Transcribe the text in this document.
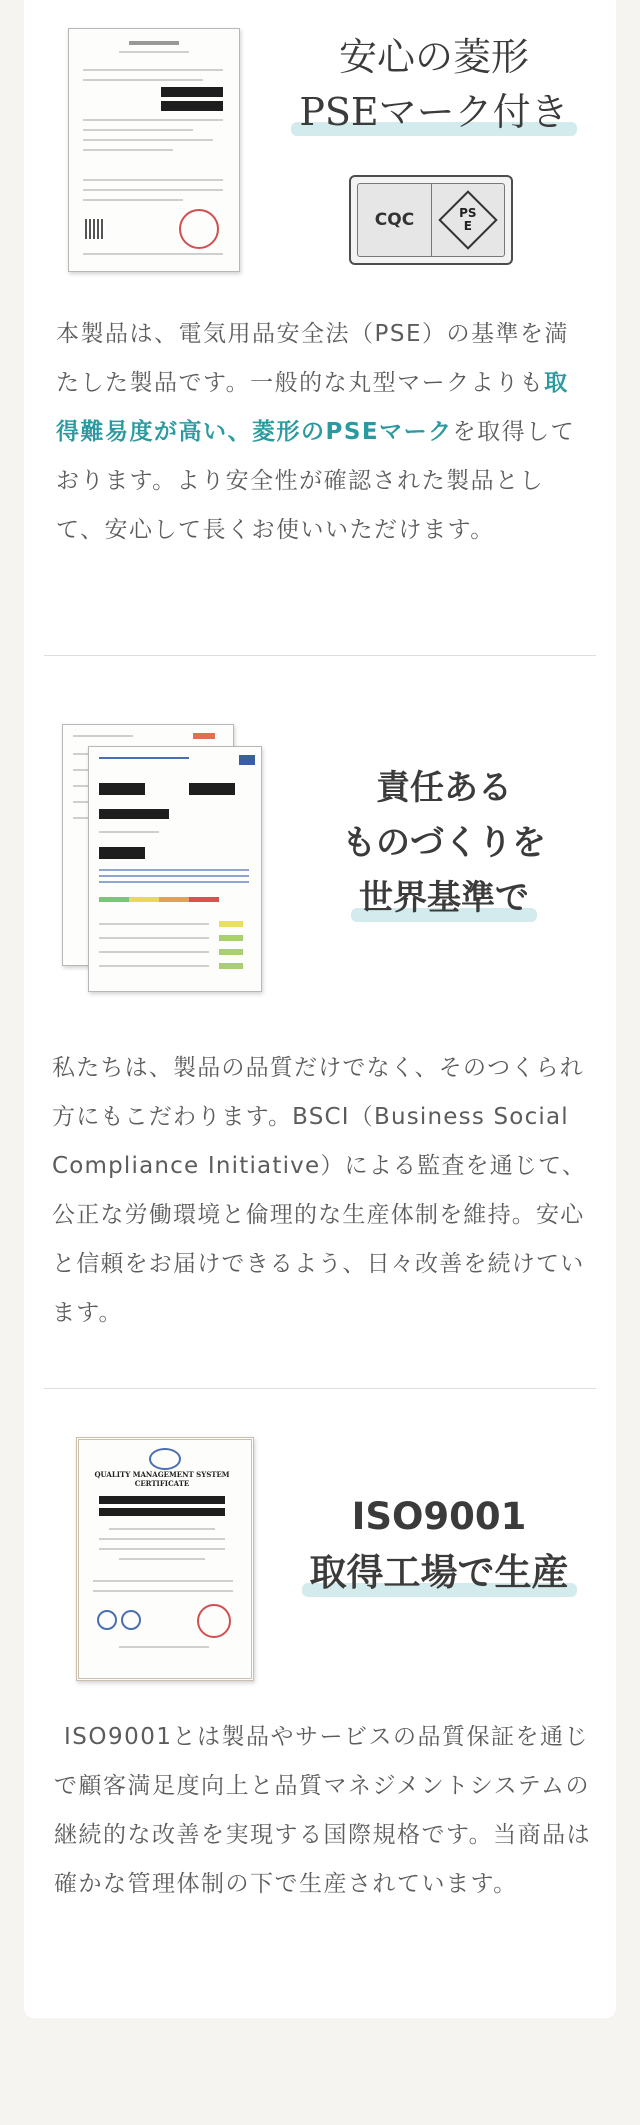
安心の菱形
PSEマーク付き
CQC	PS
E

本製品は、電気用品安全法（PSE）の基準を満たした製品です。一般的な丸型マークよりも取得難易度が高い、菱形のPSEマークを取得しております。より安全性が確認された製品として、安心して長くお使いいただけます。

責任ある
ものづくりを
世界基準で

私たちは、製品の品質だけでなく、そのつくられ方にもこだわります。BSCI（Business Social Compliance Initiative）による監査を通じて、公正な労働環境と倫理的な生産体制を維持。安心と信頼をお届けできるよう、日々改善を続けています。

QUALITY MANAGEMENT SYSTEM CERTIFICATE
ISO9001
取得工場で生産

ISO9001とは製品やサービスの品質保証を通じで顧客満足度向上と品質マネジメントシステムの継続的な改善を実現する国際規格です。当商品は確かな管理体制の下で生産されています。
